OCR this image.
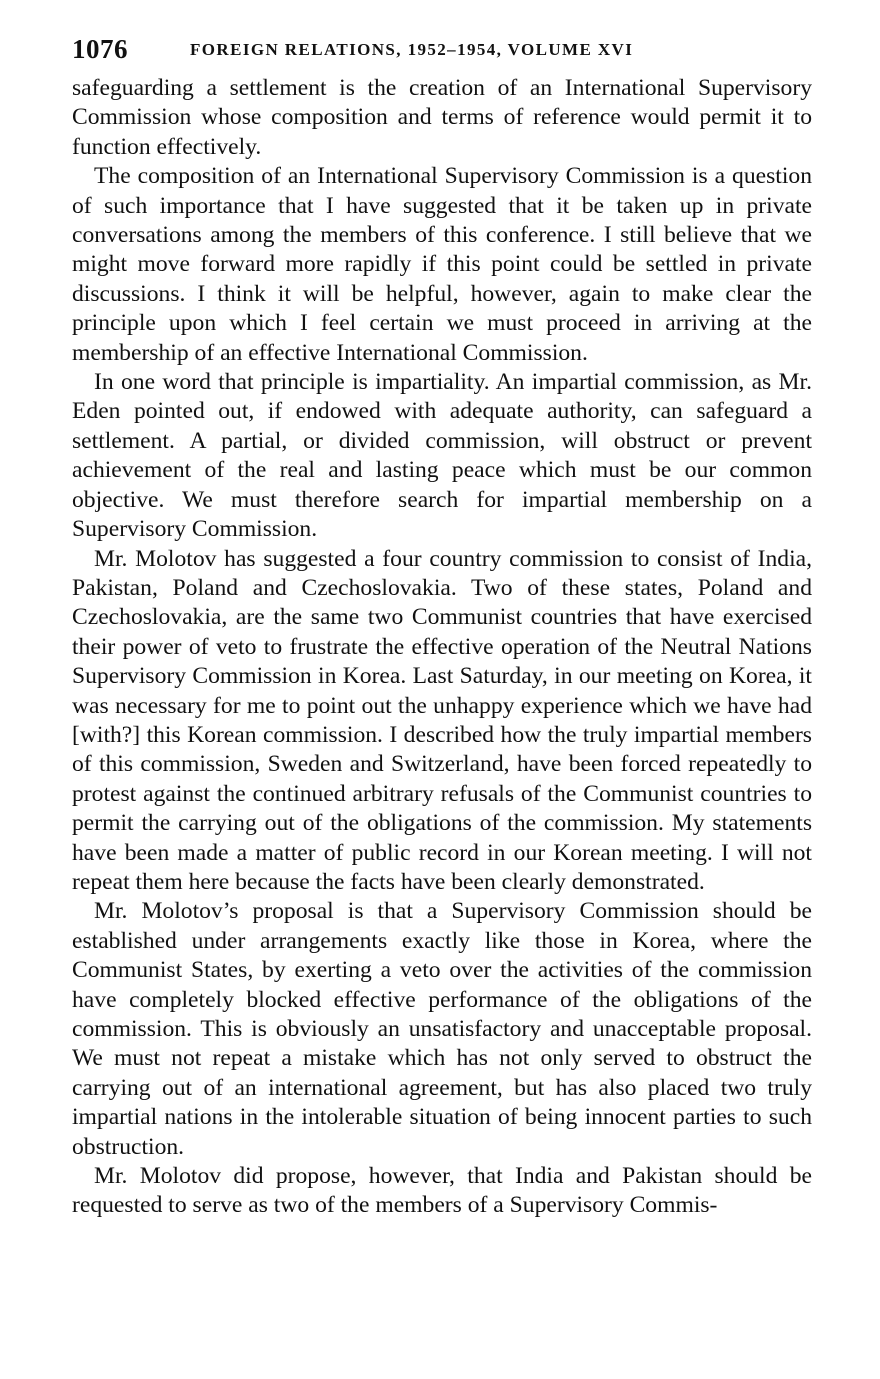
1076	FOREIGN RELATIONS, 1952–1954, VOLUME XVI

safeguarding a settlement is the creation of an International Supervisory Commission whose composition and terms of reference would permit it to function effectively.

The composition of an International Supervisory Commission is a question of such importance that I have suggested that it be taken up in private conversations among the members of this conference. I still believe that we might move forward more rapidly if this point could be settled in private discussions. I think it will be helpful, however, again to make clear the principle upon which I feel certain we must proceed in arriving at the membership of an effective International Commission.

In one word that principle is impartiality. An impartial commission, as Mr. Eden pointed out, if endowed with adequate authority, can safeguard a settlement. A partial, or divided commission, will obstruct or prevent achievement of the real and lasting peace which must be our common objective. We must therefore search for impartial membership on a Supervisory Commission.

Mr. Molotov has suggested a four country commission to consist of India, Pakistan, Poland and Czechoslovakia. Two of these states, Poland and Czechoslovakia, are the same two Communist countries that have exercised their power of veto to frustrate the effective operation of the Neutral Nations Supervisory Commission in Korea. Last Saturday, in our meeting on Korea, it was necessary for me to point out the unhappy experience which we have had [with?] this Korean commission. I described how the truly impartial members of this commission, Sweden and Switzerland, have been forced repeatedly to protest against the continued arbitrary refusals of the Communist countries to permit the carrying out of the obligations of the commission. My statements have been made a matter of public record in our Korean meeting. I will not repeat them here because the facts have been clearly demonstrated.

Mr. Molotov’s proposal is that a Supervisory Commission should be established under arrangements exactly like those in Korea, where the Communist States, by exerting a veto over the activities of the commission have completely blocked effective performance of the obligations of the commission. This is obviously an unsatisfactory and unacceptable proposal. We must not repeat a mistake which has not only served to obstruct the carrying out of an international agreement, but has also placed two truly impartial nations in the intolerable situation of being innocent parties to such obstruction.

Mr. Molotov did propose, however, that India and Pakistan should be requested to serve as two of the members of a Supervisory Commis-
